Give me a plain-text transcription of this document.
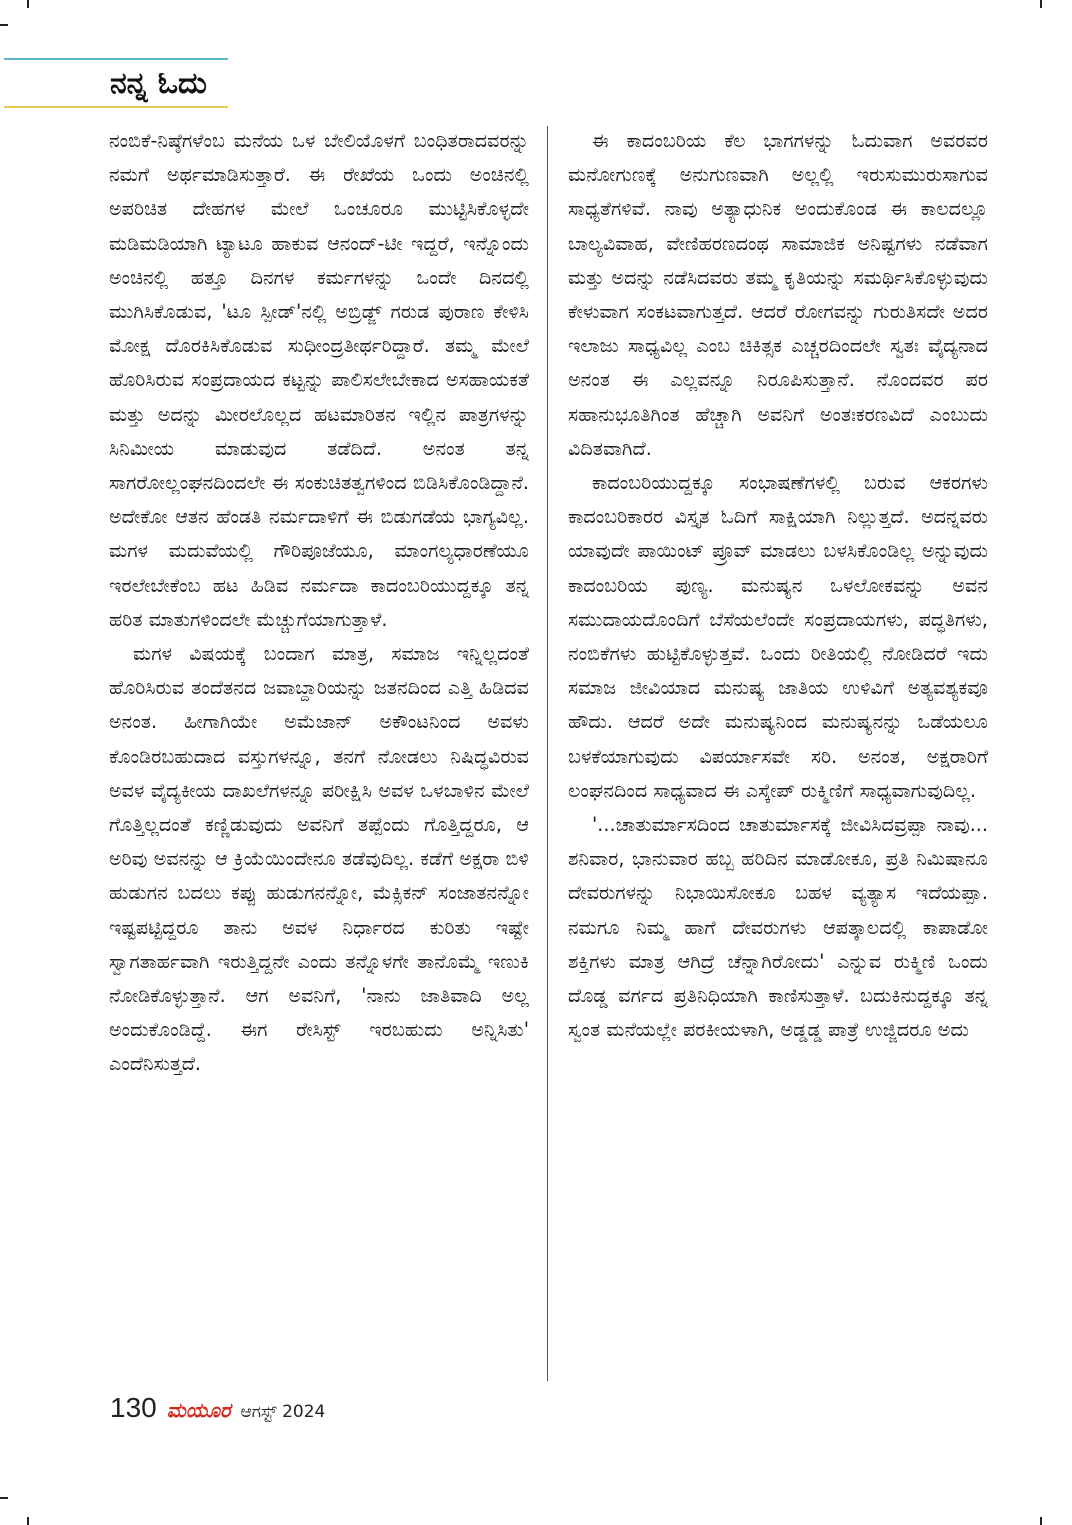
ನನ್ನ ಓದು

ನಂಬಿಕೆ-ನಿಷ್ಠೆಗಳೆಂಬ ಮನೆಯ ಒಳ ಬೇಲಿಯೊಳಗೆ ಬಂಧಿತರಾದವರನ್ನು ನಮಗೆ ಅರ್ಥಮಾಡಿಸುತ್ತಾರೆ. ಈ ರೇಖೆಯ ಒಂದು ಅಂಚಿನಲ್ಲಿ ಅಪರಿಚಿತ ದೇಹಗಳ ಮೇಲೆ ಒಂಚೂರೂ ಮುಟ್ಟಿಸಿಕೊಳ್ಳದೇ ಮಡಿಮಡಿಯಾಗಿ ಟ್ಯಾಟೂ ಹಾಕುವ ಆನಂದ್-ಟೀ ಇದ್ದರೆ, ಇನ್ನೊಂದು ಅಂಚಿನಲ್ಲಿ ಹತ್ತೂ ದಿನಗಳ ಕರ್ಮಗಳನ್ನು ಒಂದೇ ದಿನದಲ್ಲಿ ಮುಗಿಸಿಕೊಡುವ, 'ಟೂ ಸ್ಪೀಡ್'ನಲ್ಲಿ ಅಬ್ರಿಡ್ಜ್ ಗರುಡ ಪುರಾಣ ಕೇಳಿಸಿ ಮೋಕ್ಷ ದೊರಕಿಸಿಕೊಡುವ ಸುಧೀಂದ್ರತೀರ್ಥರಿದ್ದಾರೆ. ತಮ್ಮ ಮೇಲೆ ಹೊರಿಸಿರುವ ಸಂಪ್ರದಾಯದ ಕಟ್ಟನ್ನು ಪಾಲಿಸಲೇಬೇಕಾದ ಅಸಹಾಯಕತೆ ಮತ್ತು ಅದನ್ನು ಮೀರಲೊಲ್ಲದ ಹಟಮಾರಿತನ ಇಲ್ಲಿನ ಪಾತ್ರಗಳನ್ನು ಸಿನಿಮೀಯ ಮಾಡುವುದ ತಡೆದಿದೆ. ಅನಂತ ತನ್ನ ಸಾಗರೋಲ್ಲಂಘನದಿಂದಲೇ ಈ ಸಂಕುಚಿತತ್ವಗಳಿಂದ ಬಿಡಿಸಿಕೊಂಡಿದ್ದಾನೆ. ಅದೇಕೋ ಆತನ ಹೆಂಡತಿ ನರ್ಮದಾಳಿಗೆ ಈ ಬಿಡುಗಡೆಯ ಭಾಗ್ಯವಿಲ್ಲ. ಮಗಳ ಮದುವೆಯಲ್ಲಿ ಗೌರಿಪೂಜೆಯೂ, ಮಾಂಗಲ್ಯಧಾರಣೆಯೂ ಇರಲೇಬೇಕೆಂಬ ಹಟ ಹಿಡಿವ ನರ್ಮದಾ ಕಾದಂಬರಿಯುದ್ದಕ್ಕೂ ತನ್ನ ಹರಿತ ಮಾತುಗಳಿಂದಲೇ ಮೆಚ್ಚುಗೆಯಾಗುತ್ತಾಳೆ.

ಮಗಳ ವಿಷಯಕ್ಕೆ ಬಂದಾಗ ಮಾತ್ರ, ಸಮಾಜ ಇನ್ನಿಲ್ಲದಂತೆ ಹೊರಿಸಿರುವ ತಂದೆತನದ ಜವಾಬ್ದಾರಿಯನ್ನು ಜತನದಿಂದ ಎತ್ತಿ ಹಿಡಿದವ ಅನಂತ. ಹೀಗಾಗಿಯೇ ಅಮೆಜಾನ್ ಅಕೌಂಟನಿಂದ ಅವಳು ಕೊಂಡಿರಬಹುದಾದ ವಸ್ತುಗಳನ್ನೂ, ತನಗೆ ನೋಡಲು ನಿಷಿದ್ಧವಿರುವ ಅವಳ ವೈದ್ಯಕೀಯ ದಾಖಲೆಗಳನ್ನೂ ಪರೀಕ್ಷಿಸಿ ಅವಳ ಒಳಬಾಳಿನ ಮೇಲೆ ಗೊತ್ತಿಲ್ಲದಂತೆ ಕಣ್ಣಿಡುವುದು ಅವನಿಗೆ ತಪ್ಪೆಂದು ಗೊತ್ತಿದ್ದರೂ, ಆ ಅರಿವು ಅವನನ್ನು ಆ ಕ್ರಿಯೆಯಿಂದೇನೂ ತಡೆವುದಿಲ್ಲ. ಕಡೆಗೆ ಅಕ್ಷರಾ ಬಿಳಿ ಹುಡುಗನ ಬದಲು ಕಪ್ಪು ಹುಡುಗನನ್ನೋ, ಮೆಕ್ಸಿಕನ್ ಸಂಜಾತನನ್ನೋ ಇಷ್ಟಪಟ್ಟಿದ್ದರೂ ತಾನು ಅವಳ ನಿರ್ಧಾರದ ಕುರಿತು ಇಷ್ಟೇ ಸ್ವಾಗತಾರ್ಹವಾಗಿ ಇರುತ್ತಿದ್ದನೇ ಎಂದು ತನ್ನೊಳಗೇ ತಾನೊಮ್ಮೆ ಇಣುಕಿ ನೋಡಿಕೊಳ್ಳುತ್ತಾನೆ. ಆಗ ಅವನಿಗೆ, 'ನಾನು ಜಾತಿವಾದಿ ಅಲ್ಲ ಅಂದುಕೊಂಡಿದ್ದೆ. ಈಗ ರೇಸಿಸ್ಟ್ ಇರಬಹುದು ಅನ್ನಿಸಿತು' ಎಂದೆನಿಸುತ್ತದೆ.

ಈ ಕಾದಂಬರಿಯ ಕೆಲ ಭಾಗಗಳನ್ನು ಓದುವಾಗ ಅವರವರ ಮನೋಗುಣಕ್ಕೆ ಅನುಗುಣವಾಗಿ ಅಲ್ಲಲ್ಲಿ ಇರುಸುಮುರುಸಾಗುವ ಸಾಧ್ಯತೆಗಳಿವೆ. ನಾವು ಅತ್ಯಾಧುನಿಕ ಅಂದುಕೊಂಡ ಈ ಕಾಲದಲ್ಲೂ ಬಾಲ್ಯವಿವಾಹ, ವೇಣಿಹರಣದಂಥ ಸಾಮಾಜಿಕ ಅನಿಷ್ಟಗಳು ನಡೆವಾಗ ಮತ್ತು ಅದನ್ನು ನಡೆಸಿದವರು ತಮ್ಮ ಕೃತಿಯನ್ನು ಸಮರ್ಥಿಸಿಕೊಳ್ಳುವುದು ಕೇಳುವಾಗ ಸಂಕಟವಾಗುತ್ತದೆ. ಆದರೆ ರೋಗವನ್ನು ಗುರುತಿಸದೇ ಅದರ ಇಲಾಜು ಸಾಧ್ಯವಿಲ್ಲ ಎಂಬ ಚಿಕಿತ್ಸಕ ಎಚ್ಚರದಿಂದಲೇ ಸ್ವತಃ ವೈದ್ಯನಾದ ಅನಂತ ಈ ಎಲ್ಲವನ್ನೂ ನಿರೂಪಿಸುತ್ತಾನೆ. ನೊಂದವರ ಪರ ಸಹಾನುಭೂತಿಗಿಂತ ಹೆಚ್ಚಾಗಿ ಅವನಿಗೆ ಅಂತಃಕರಣವಿದೆ ಎಂಬುದು ವಿದಿತವಾಗಿದೆ.

ಕಾದಂಬರಿಯುದ್ದಕ್ಕೂ ಸಂಭಾಷಣೆಗಳಲ್ಲಿ ಬರುವ ಆಕರಗಳು ಕಾದಂಬರಿಕಾರರ ವಿಸ್ತೃತ ಓದಿಗೆ ಸಾಕ್ಷಿಯಾಗಿ ನಿಲ್ಲುತ್ತದೆ. ಅದನ್ನವರು ಯಾವುದೇ ಪಾಯಿಂಟ್ ಪ್ರೂವ್ ಮಾಡಲು ಬಳಸಿಕೊಂಡಿಲ್ಲ ಅನ್ನುವುದು ಕಾದಂಬರಿಯ ಪುಣ್ಯ. ಮನುಷ್ಯನ ಒಳಲೋಕವನ್ನು ಅವನ ಸಮುದಾಯದೊಂದಿಗೆ ಬೆಸೆಯಲೆಂದೇ ಸಂಪ್ರದಾಯಗಳು, ಪದ್ಧತಿಗಳು, ನಂಬಿಕೆಗಳು ಹುಟ್ಟಿಕೊಳ್ಳುತ್ತವೆ. ಒಂದು ರೀತಿಯಲ್ಲಿ ನೋಡಿದರೆ ಇದು ಸಮಾಜ ಜೀವಿಯಾದ ಮನುಷ್ಯ ಜಾತಿಯ ಉಳಿವಿಗೆ ಅತ್ಯವಶ್ಯಕವೂ ಹೌದು. ಆದರೆ ಅದೇ ಮನುಷ್ಯನಿಂದ ಮನುಷ್ಯನನ್ನು ಒಡೆಯಲೂ ಬಳಕೆಯಾಗುವುದು ವಿಪರ್ಯಾಸವೇ ಸರಿ. ಅನಂತ, ಅಕ್ಷರಾರಿಗೆ ಲಂಘನದಿಂದ ಸಾಧ್ಯವಾದ ಈ ಎಸ್ಕೇಪ್ ರುಕ್ಮಿಣಿಗೆ ಸಾಧ್ಯವಾಗುವುದಿಲ್ಲ.

'...ಚಾತುರ್ಮಾಸದಿಂದ ಚಾತುರ್ಮಾಸಕ್ಕೆ ಜೀವಿಸಿದವ್ರಪ್ಪಾ ನಾವು... ಶನಿವಾರ, ಭಾನುವಾರ ಹಬ್ಬ ಹರಿದಿನ ಮಾಡೋಕೂ, ಪ್ರತಿ ನಿಮಿಷಾನೂ ದೇವರುಗಳನ್ನು ನಿಭಾಯಿಸೋಕೂ ಬಹಳ ವ್ಯತ್ಯಾಸ ಇದೆಯಪ್ಪಾ. ನಮಗೂ ನಿಮ್ಮ ಹಾಗೆ ದೇವರುಗಳು ಆಪತ್ಕಾಲದಲ್ಲಿ ಕಾಪಾಡೋ ಶಕ್ತಿಗಳು ಮಾತ್ರ ಆಗಿದ್ರೆ ಚೆನ್ನಾಗಿರೋದು' ಎನ್ನುವ ರುಕ್ಮಿಣಿ ಒಂದು ದೊಡ್ಡ ವರ್ಗದ ಪ್ರತಿನಿಧಿಯಾಗಿ ಕಾಣಿಸುತ್ತಾಳೆ. ಬದುಕಿನುದ್ದಕ್ಕೂ ತನ್ನ ಸ್ವಂತ ಮನೆಯಲ್ಲೇ ಪರಕೀಯಳಾಗಿ, ಅಡ್ಡಡ್ಡ ಪಾತ್ರೆ ಉಜ್ಜಿದರೂ ಅದು

130 ಮಯೂರ ಆಗಸ್ಟ್ 2024
